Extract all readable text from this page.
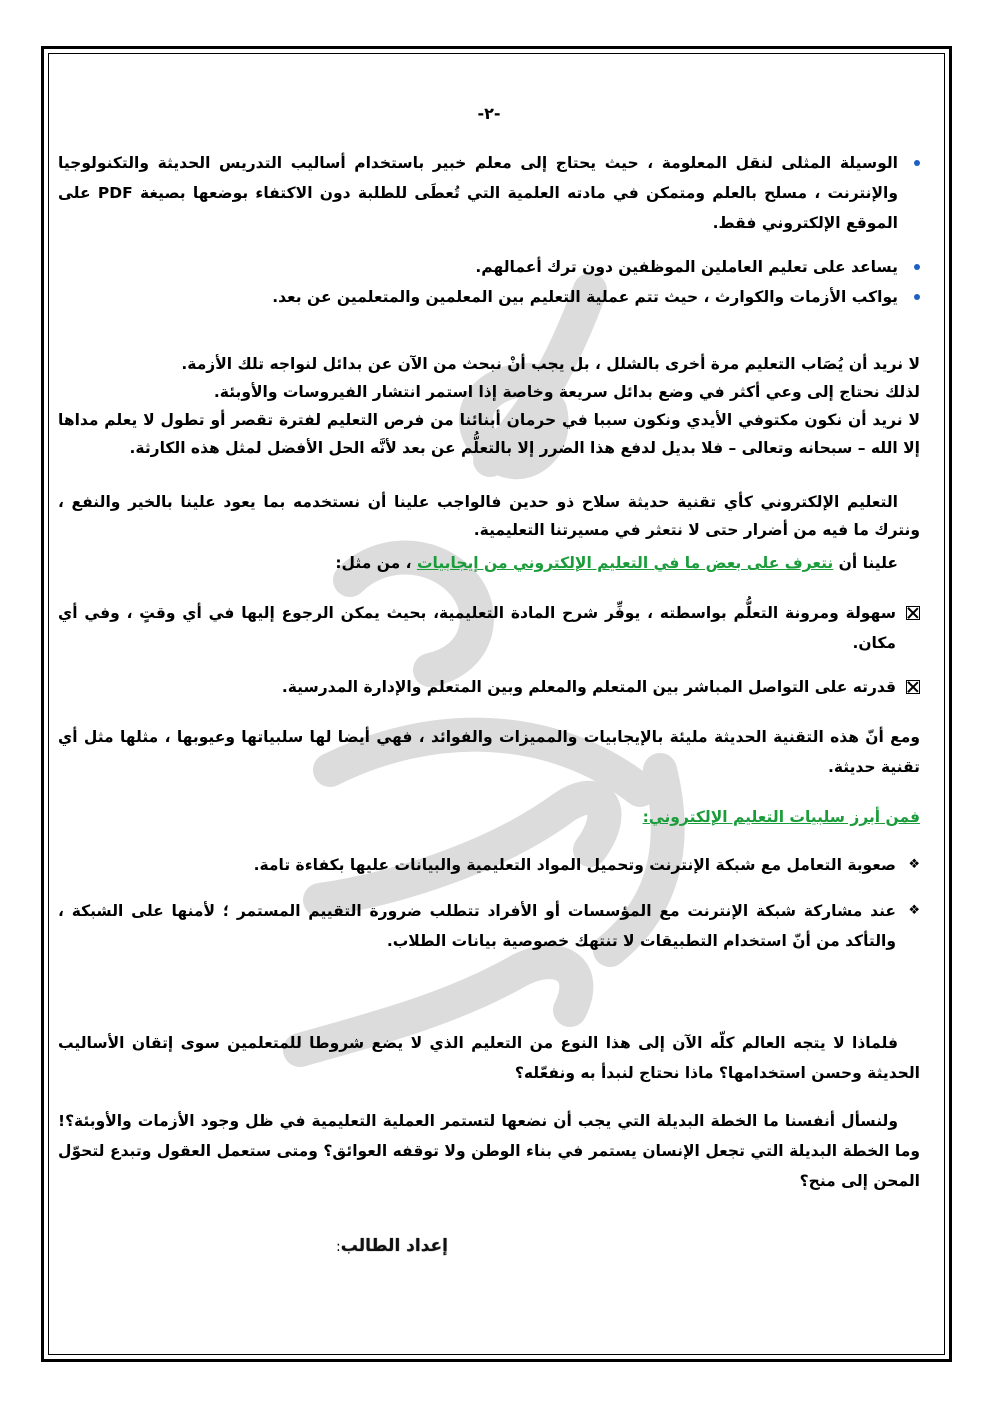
-٢-

الوسيلة المثلى لنقل المعلومة ، حيث يحتاج إلى معلم خبير باستخدام أساليب التدريس الحديثة والتكنولوجيا والإنترنت ، مسلح بالعلم ومتمكن في مادته العلمية التي تُعطَى للطلبة دون الاكتفاء بوضعها بصيغة PDF على الموقع الإلكتروني فقط.

يساعد على تعليم العاملين الموظفين دون ترك أعمالهم.

يواكب الأزمات والكوارث ، حيث تتم عملية التعليم بين المعلمين والمتعلمين عن بعد.

لا نريد أن يُصَاب التعليم مرة أخرى بالشلل ، بل يجب أنْ نبحث من الآن عن بدائل لنواجه تلك الأزمة.

لذلك نحتاج إلى وعي أكثر في وضع بدائل سريعة وخاصة إذا استمر انتشار الفيروسات والأوبئة.

لا نريد أن نكون مكتوفي الأيدي ونكون سببا في حرمان أبنائنا من فرص التعليم لفترة تقصر أو تطول لا يعلم مداها إلا الله – سبحانه وتعالى – فلا بديل لدفع هذا الضرر إلا بالتعلُّم عن بعد لأنَّه الحل الأفضل لمثل هذه الكارثة.

التعليم الإلكتروني كأي تقنية حديثة سلاح ذو حدين فالواجب علينا أن نستخدمه بما يعود علينا بالخير والنفع ، ونترك ما فيه من أضرار حتى لا نتعثر في مسيرتنا التعليمية.
علينا أن نتعرف على بعض ما في التعليم الإلكتروني من إيجابيات ، من مثل:

سهولة ومرونة التعلُّم بواسطته ، يوفِّر شرح المادة التعليمية، بحيث يمكن الرجوع إليها في أي وقتٍ ، وفي أي مكان.

قدرته على التواصل المباشر بين المتعلم والمعلم وبين المتعلم والإدارة المدرسية.

ومع أنّ هذه التقنية الحديثة مليئة بالإيجابيات والمميزات والفوائد ، فهي أيضا لها سلبياتها وعيوبها ، مثلها مثل أي تقنية حديثة.
فمن أبرز سلبيات التعليم الإلكتروني:

❖
صعوبة التعامل مع شبكة الإنترنت وتحميل المواد التعليمية والبيانات عليها بكفاءة تامة.

❖
عند مشاركة شبكة الإنترنت مع المؤسسات أو الأفراد تتطلب ضرورة التقييم المستمر ؛ لأمنها على الشبكة ، والتأكد من أنّ استخدام التطبيقات لا تنتهك خصوصية بيانات الطلاب.

فلماذا لا يتجه العالم كلّه الآن إلى هذا النوع من التعليم الذي لا يضع شروطا للمتعلمين سوى إتقان الأساليب الحديثة وحسن استخدامها؟ ماذا نحتاج لنبدأ به ونفعّله؟
ولنسأل أنفسنا ما الخطة البديلة التي يجب أن نضعها لتستمر العملية التعليمية في ظل وجود الأزمات والأوبئة؟! وما الخطة البديلة التي تجعل الإنسان يستمر في بناء الوطن ولا توقفه العوائق؟ ومتى ستعمل العقول وتبدع لتحوّل المحن إلى منح؟
إعداد الطالب:
